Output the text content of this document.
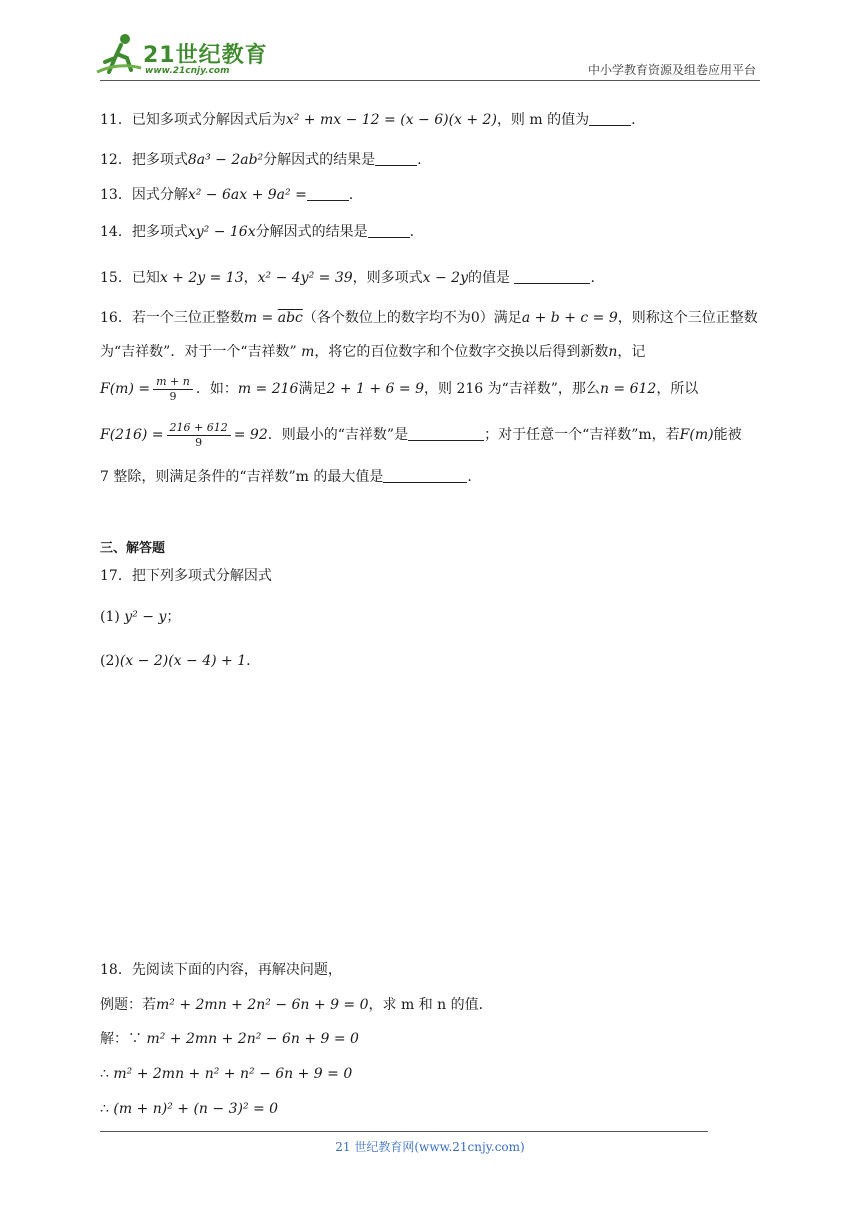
21世纪教育
www.21cnjy.com	中小学教育资源及组卷应用平台
11．已知多项式分解因式后为x² + mx − 12 = (x − 6)(x + 2)，则 m 的值为	.
12．把多项式8a³ − 2ab²分解因式的结果是	.
13．因式分解x² − 6ax + 9a² =	.
14．把多项式xy² − 16x分解因式的结果是	.
15．已知x + 2y = 13，x² − 4y² = 39，则多项式x − 2y的值是	.
16．若一个三位正整数$m = \overline{abc}$（各个数位上的数字均不为0）满足a + b + c = 9，则称这个三位正整数
为“吉祥数”．对于一个“吉祥数” m，将它的百位数字和个位数字交换以后得到新数n，记
$F(m) = \frac{m + n}{9}$ ．如：m = 216满足2 + 1 + 6 = 9，则 216 为“吉祥数”，那么n = 612，所以
$F(216) = \frac{216 + 612}{9} = 92$．则最小的“吉祥数”是	；对于任意一个“吉祥数”m，若F(m)能被
7 整除，则满足条件的“吉祥数”m 的最大值是	.
三、解答题
17．把下列多项式分解因式
(1) y² − y；
(2)(x − 2)(x − 4) + 1.
18．先阅读下面的内容，再解决问题，
例题：若m² + 2mn + 2n² − 6n + 9 = 0，求 m 和 n 的值．
解：∵ m² + 2mn + 2n² − 6n + 9 = 0
∴ m² + 2mn + n² + n² − 6n + 9 = 0
∴ (m + n)² + (n − 3)² = 0
21 世纪教育网(www.21cnjy.com)
